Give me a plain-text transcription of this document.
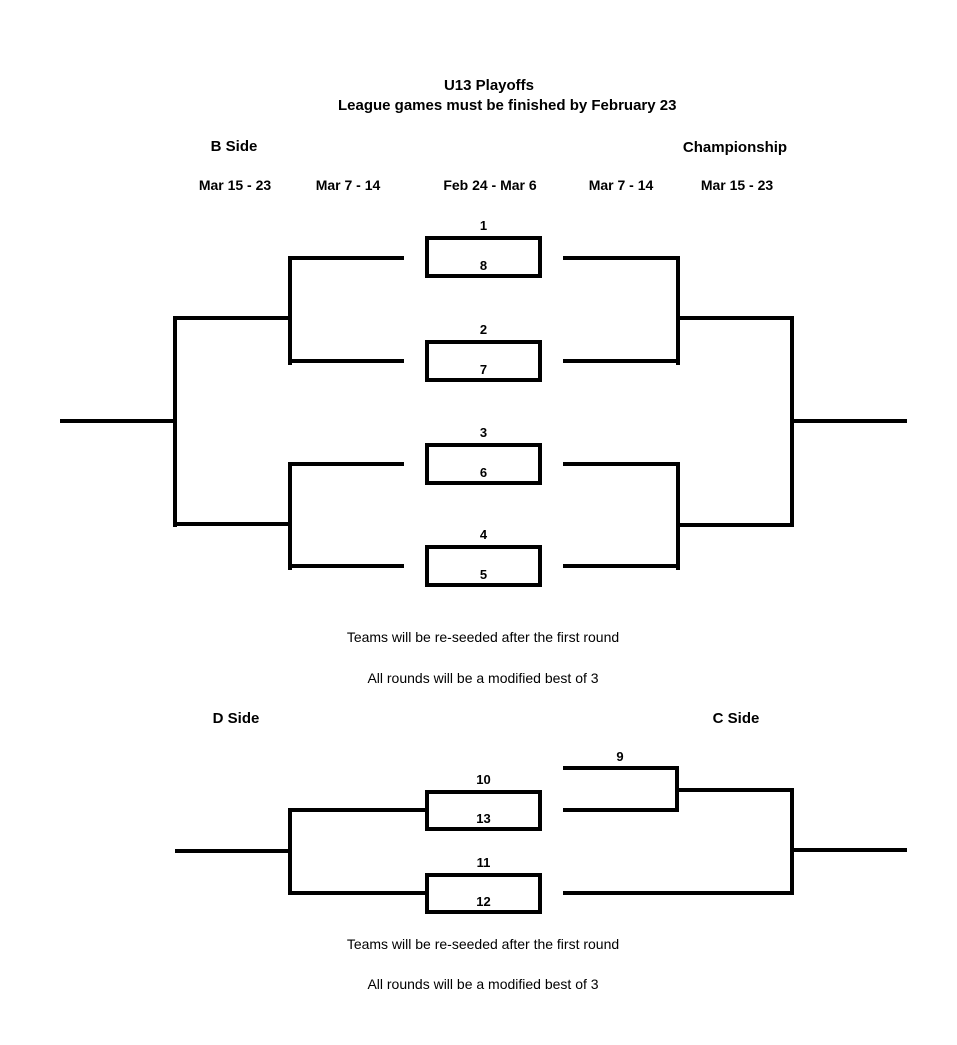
U13 Playoffs
League games must be finished by February 23
B Side	Championship
Mar 15 - 23	Mar 7 - 14	Feb 24 - Mar 6	Mar 7 - 14	Mar 15 - 23
1
8
2
7
3
6
4
5
Teams will be re-seeded after the first round
All rounds will be a modified best of 3
D Side	C Side
9
10
13
11
12
Teams will be re-seeded after the first round
All rounds will be a modified best of 3
